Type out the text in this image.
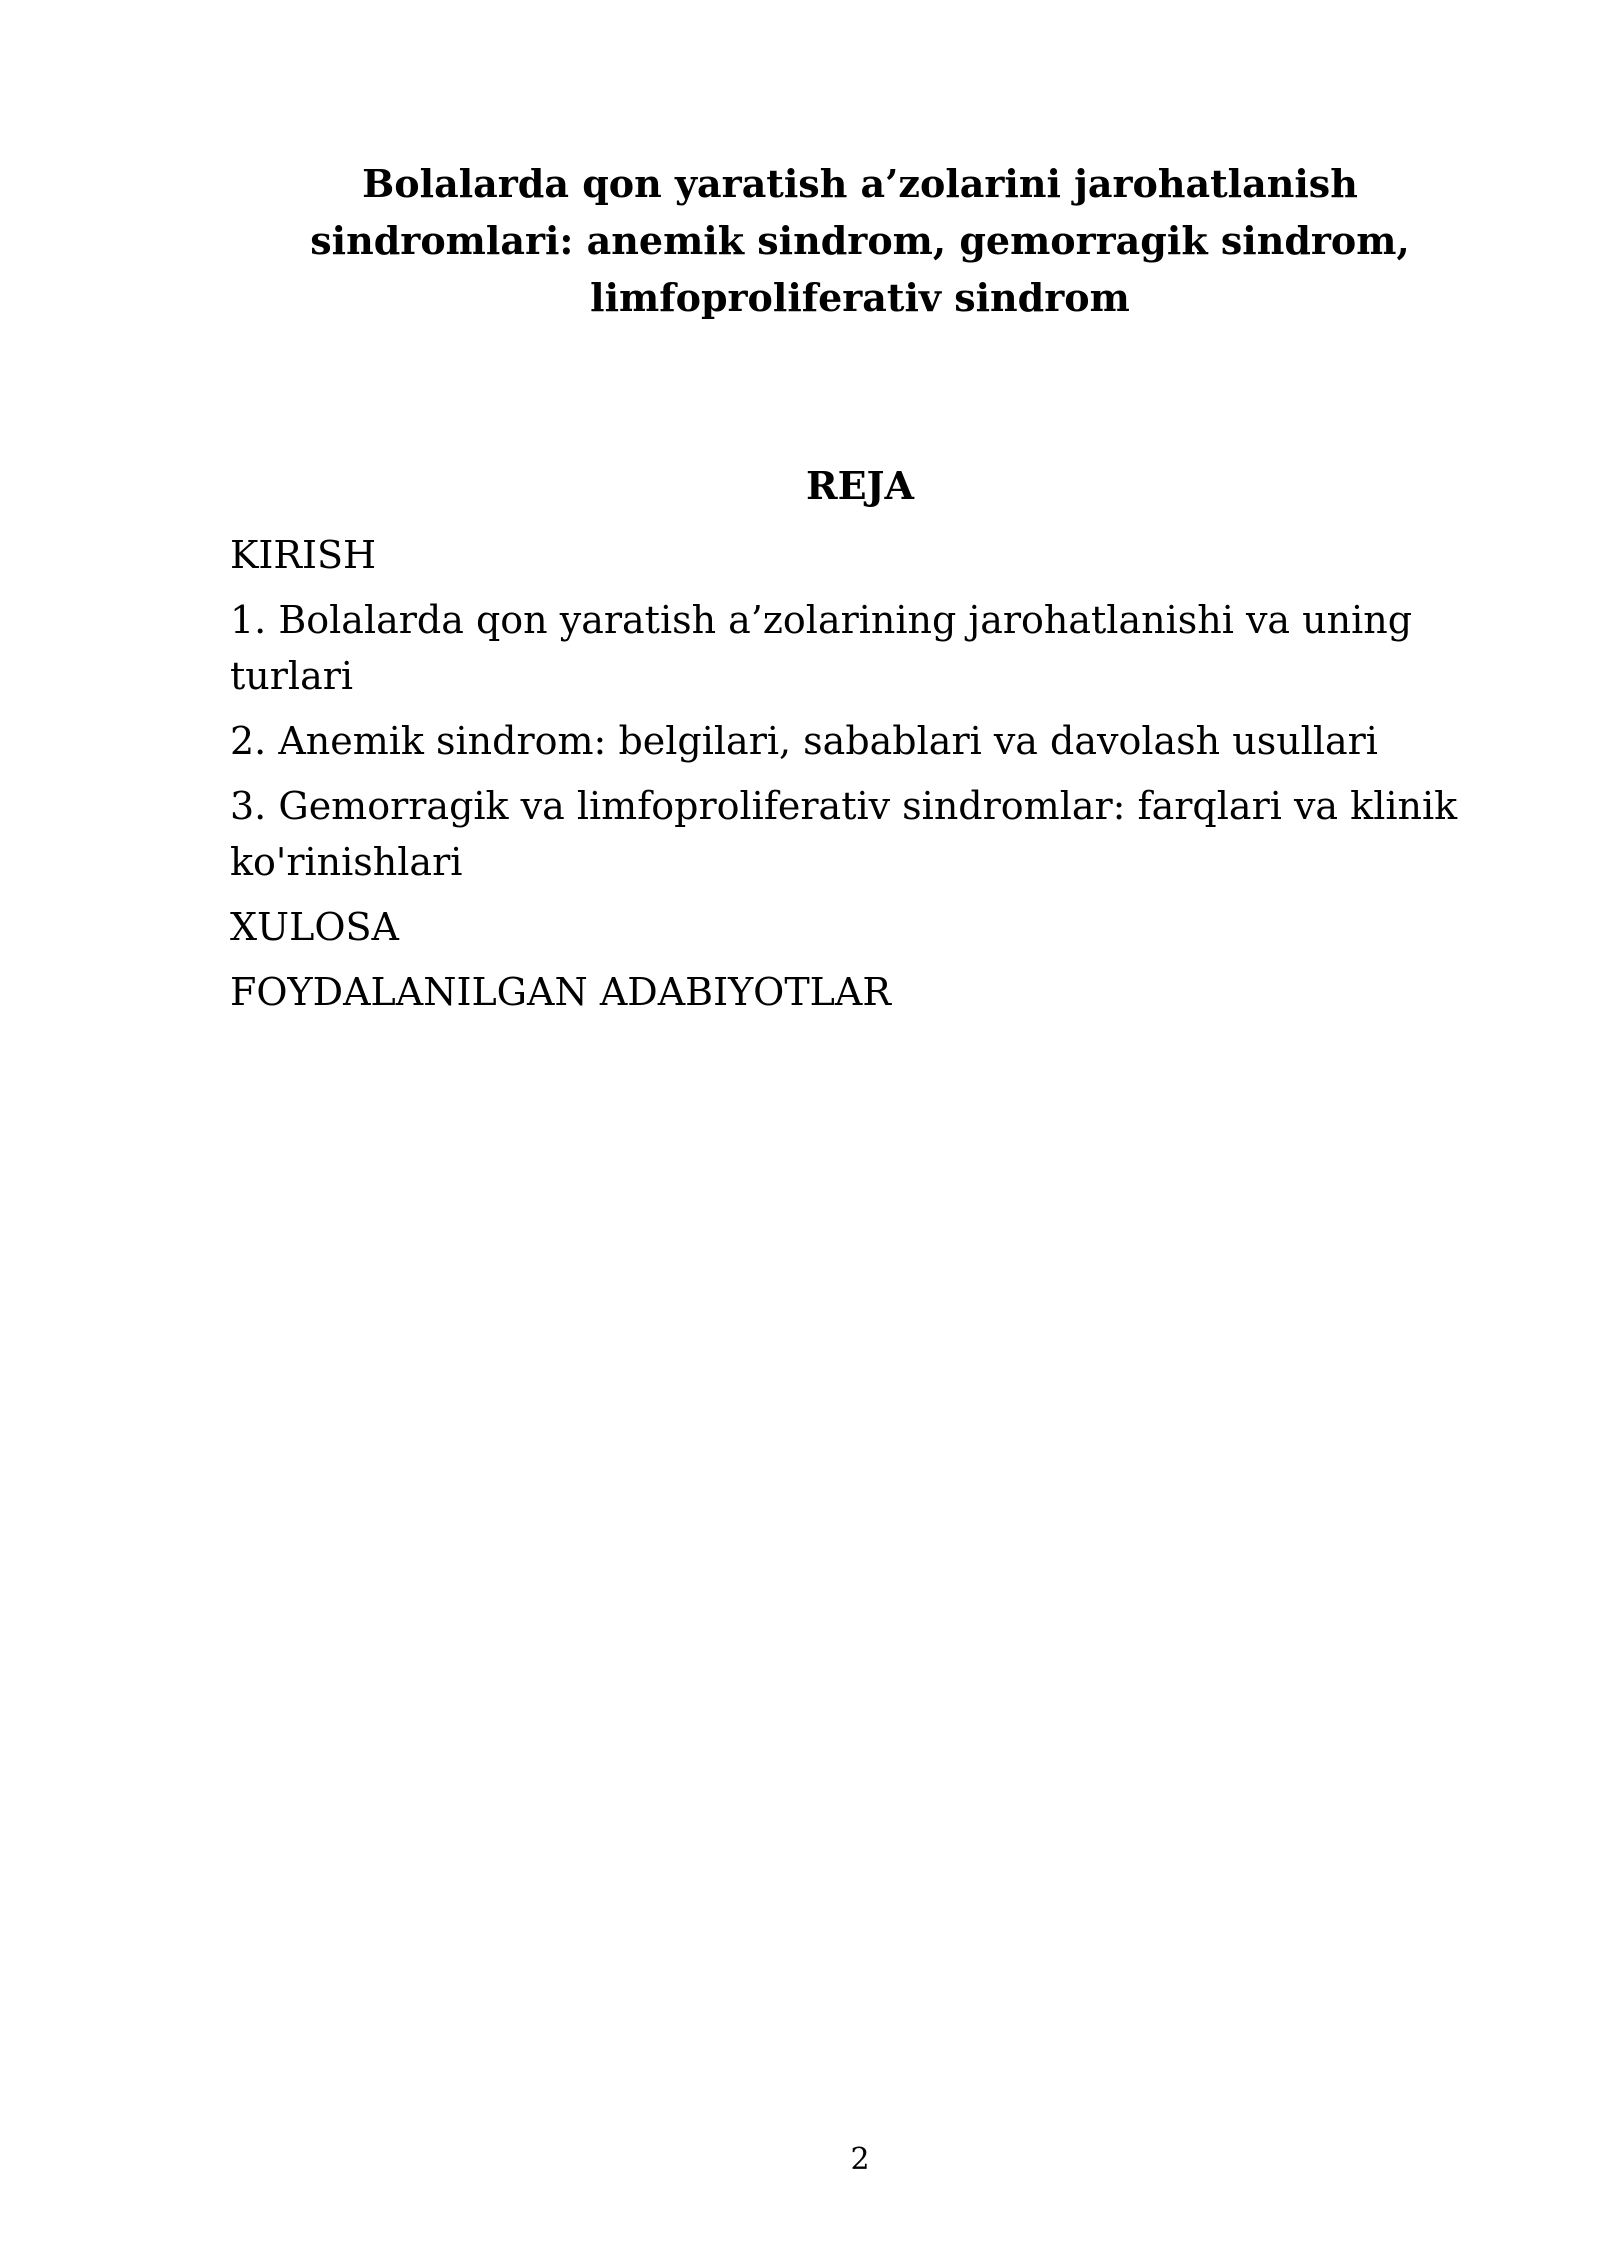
Bolalarda qon yaratish a’zolarini jarohatlanish
sindromlari: anemik sindrom, gemorragik sindrom,
limfoproliferativ sindrom
REJA
KIRISH
1. Bolalarda qon yaratish a’zolarining jarohatlanishi va uning
turlari
2. Anemik sindrom: belgilari, sabablari va davolash usullari
3. Gemorragik va limfoproliferativ sindromlar: farqlari va klinik
ko'rinishlari
XULOSA
FOYDALANILGAN ADABIYOTLAR
2
